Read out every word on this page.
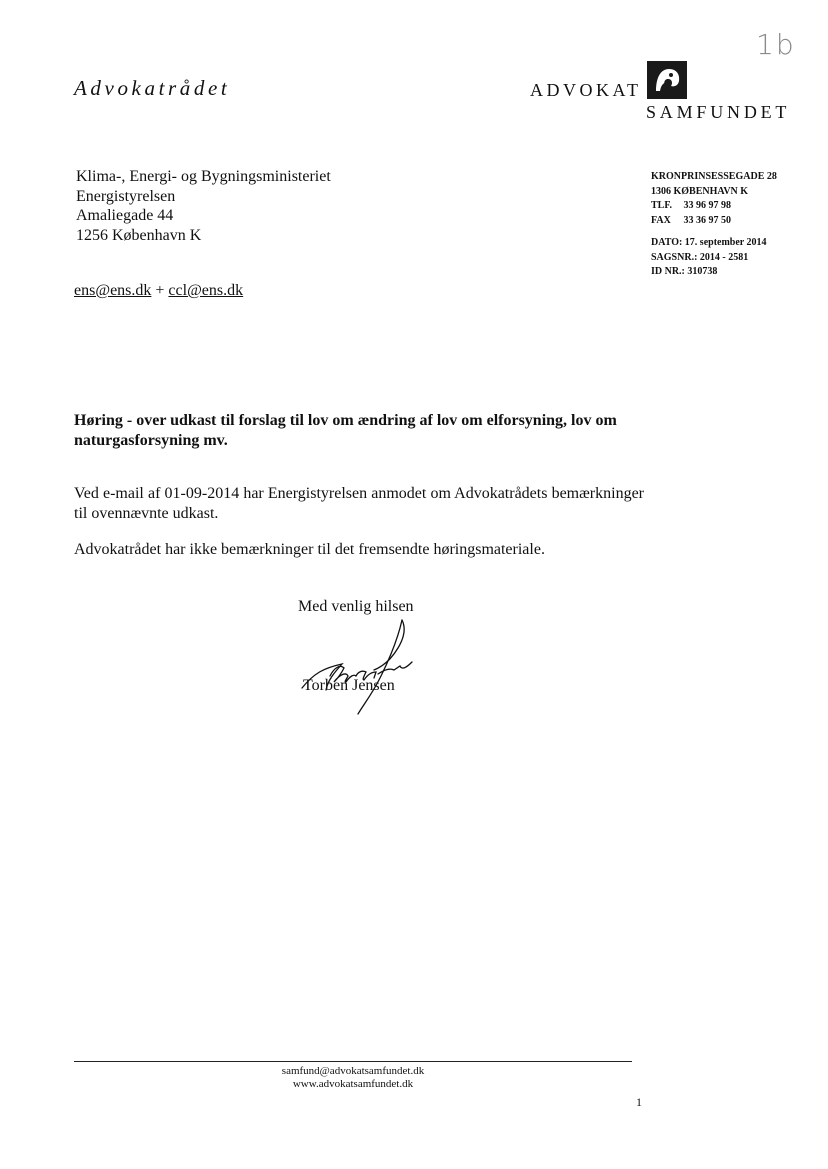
1b
Advokatrådet	ADVOKAT
SAMFUNDET
Klima-, Energi- og Bygningsministeriet
Energistyrelsen
Amaliegade 44
1256 København K
ens@ens.dk + ccl@ens.dk
KRONPRINSESSEGADE 28
1306 KØBENHAVN K
TLF. 33 96 97 98
FAX 33 36 97 50
DATO: 17. september 2014
SAGSNR.: 2014 - 2581
ID NR.: 310738
Høring - over udkast til forslag til lov om ændring af lov om elforsyning, lov om naturgasforsyning mv.
Ved e-mail af 01-09-2014 har Energistyrelsen anmodet om Advokatrådets bemærkninger til ovennævnte udkast.
Advokatrådet har ikke bemærkninger til det fremsendte høringsmateriale.
Med venlig hilsen
Torben Jensen
samfund@advokatsamfundet.dk
www.advokatsamfundet.dk
1
